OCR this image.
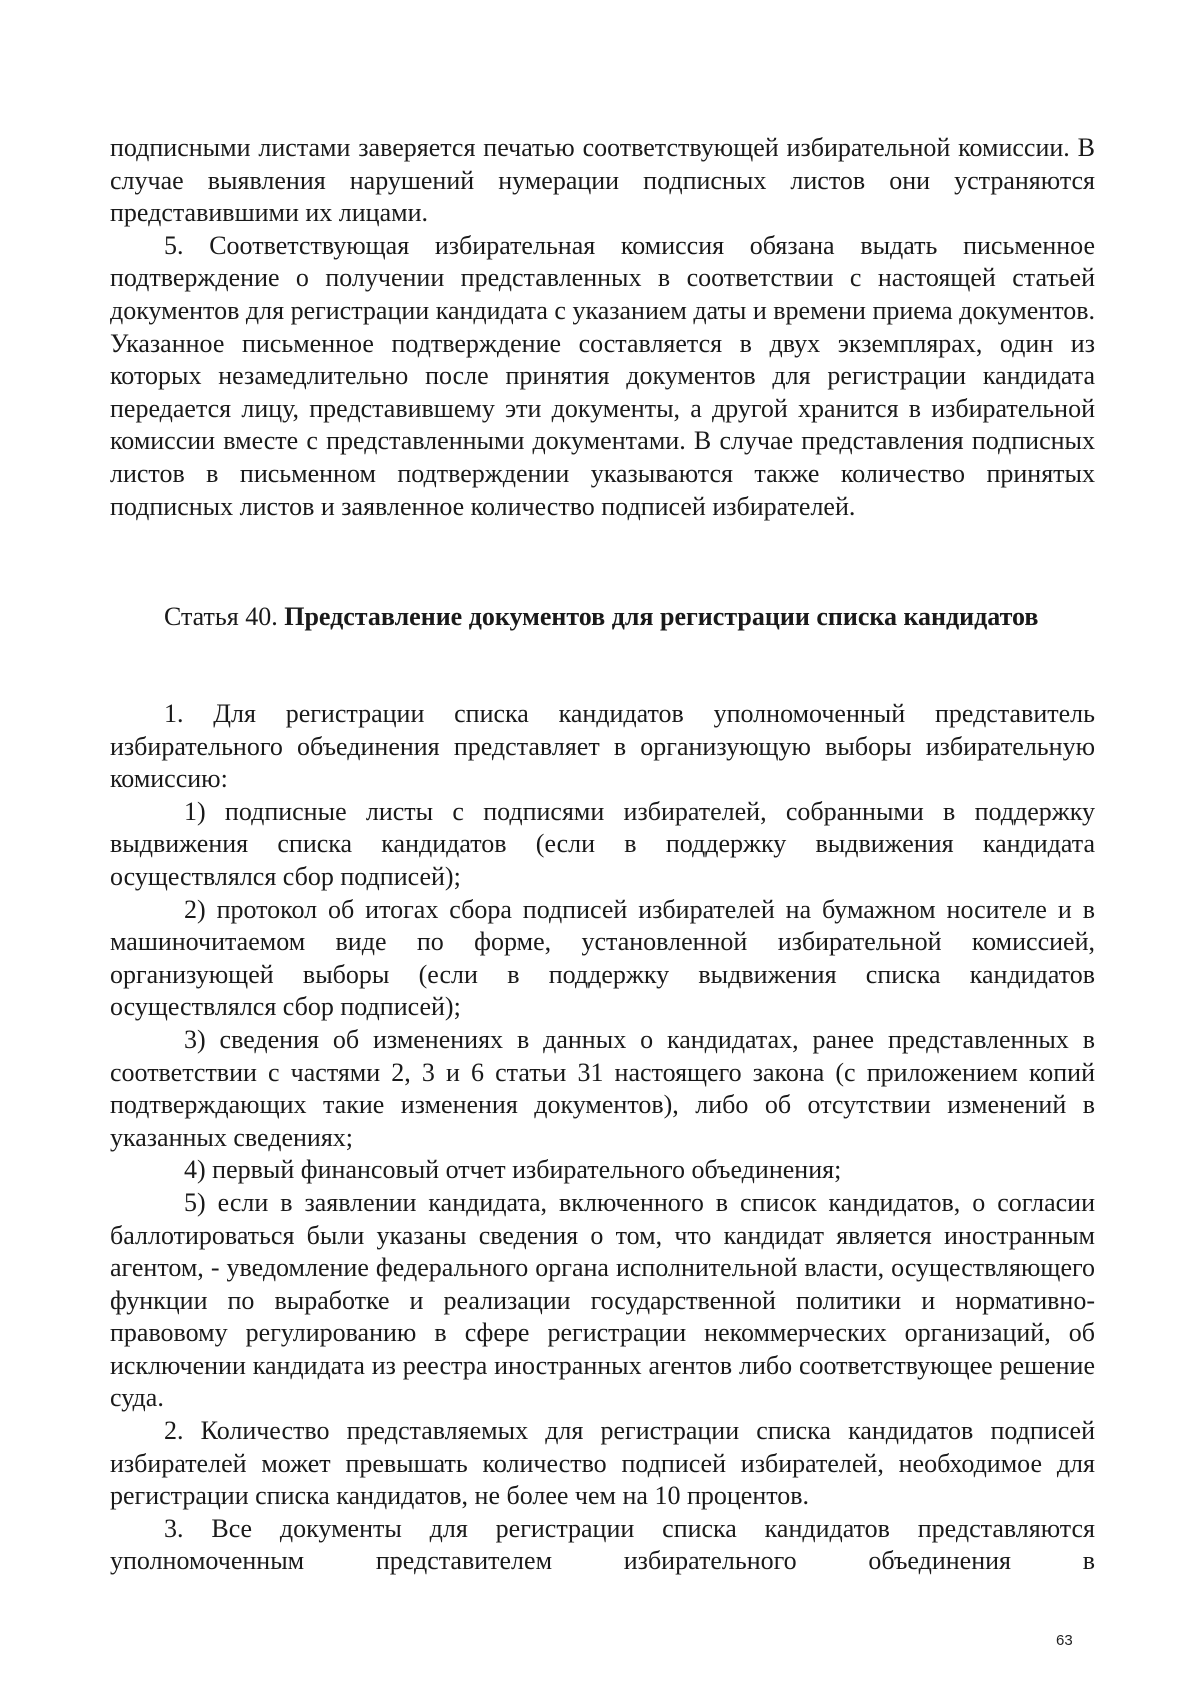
подписными листами заверяется печатью соответствующей избирательной комиссии. В случае выявления нарушений нумерации подписных листов они устраняются представившими их лицами.

5. Соответствующая избирательная комиссия обязана выдать письменное подтверждение о получении представленных в соответствии с настоящей статьей документов для регистрации кандидата с указанием даты и времени приема документов. Указанное письменное подтверждение составляется в двух экземплярах, один из которых незамедлительно после принятия документов для регистрации кандидата передается лицу, представившему эти документы, а другой хранится в избирательной комиссии вместе с представленными документами. В случае представления подписных листов в письменном подтверждении указываются также количество принятых подписных листов и заявленное количество подписей избирателей.

Статья 40. Представление документов для регистрации списка кандидатов

1. Для регистрации списка кандидатов уполномоченный представитель избирательного объединения представляет в организующую выборы избирательную комиссию:

1) подписные листы с подписями избирателей, собранными в поддержку выдвижения списка кандидатов (если в поддержку выдвижения кандидата осуществлялся сбор подписей);

2) протокол об итогах сбора подписей избирателей на бумажном носителе и в машиночитаемом виде по форме, установленной избирательной комиссией, организующей выборы (если в поддержку выдвижения списка кандидатов осуществлялся сбор подписей);

3) сведения об изменениях в данных о кандидатах, ранее представленных в соответствии с частями 2, 3 и 6 статьи 31 настоящего закона (с приложением копий подтверждающих такие изменения документов), либо об отсутствии изменений в указанных сведениях;

4) первый финансовый отчет избирательного объединения;

5) если в заявлении кандидата, включенного в список кандидатов, о согласии баллотироваться были указаны сведения о том, что кандидат является иностранным агентом, - уведомление федерального органа исполнительной власти, осуществляющего функции по выработке и реализации государственной политики и нормативно-правовому регулированию в сфере регистрации некоммерческих организаций, об исключении кандидата из реестра иностранных агентов либо соответствующее решение суда.

2. Количество представляемых для регистрации списка кандидатов подписей избирателей может превышать количество подписей избирателей, необходимое для регистрации списка кандидатов, не более чем на 10 процентов.

3. Все документы для регистрации списка кандидатов представляются уполномоченным представителем избирательного объединения в

63
